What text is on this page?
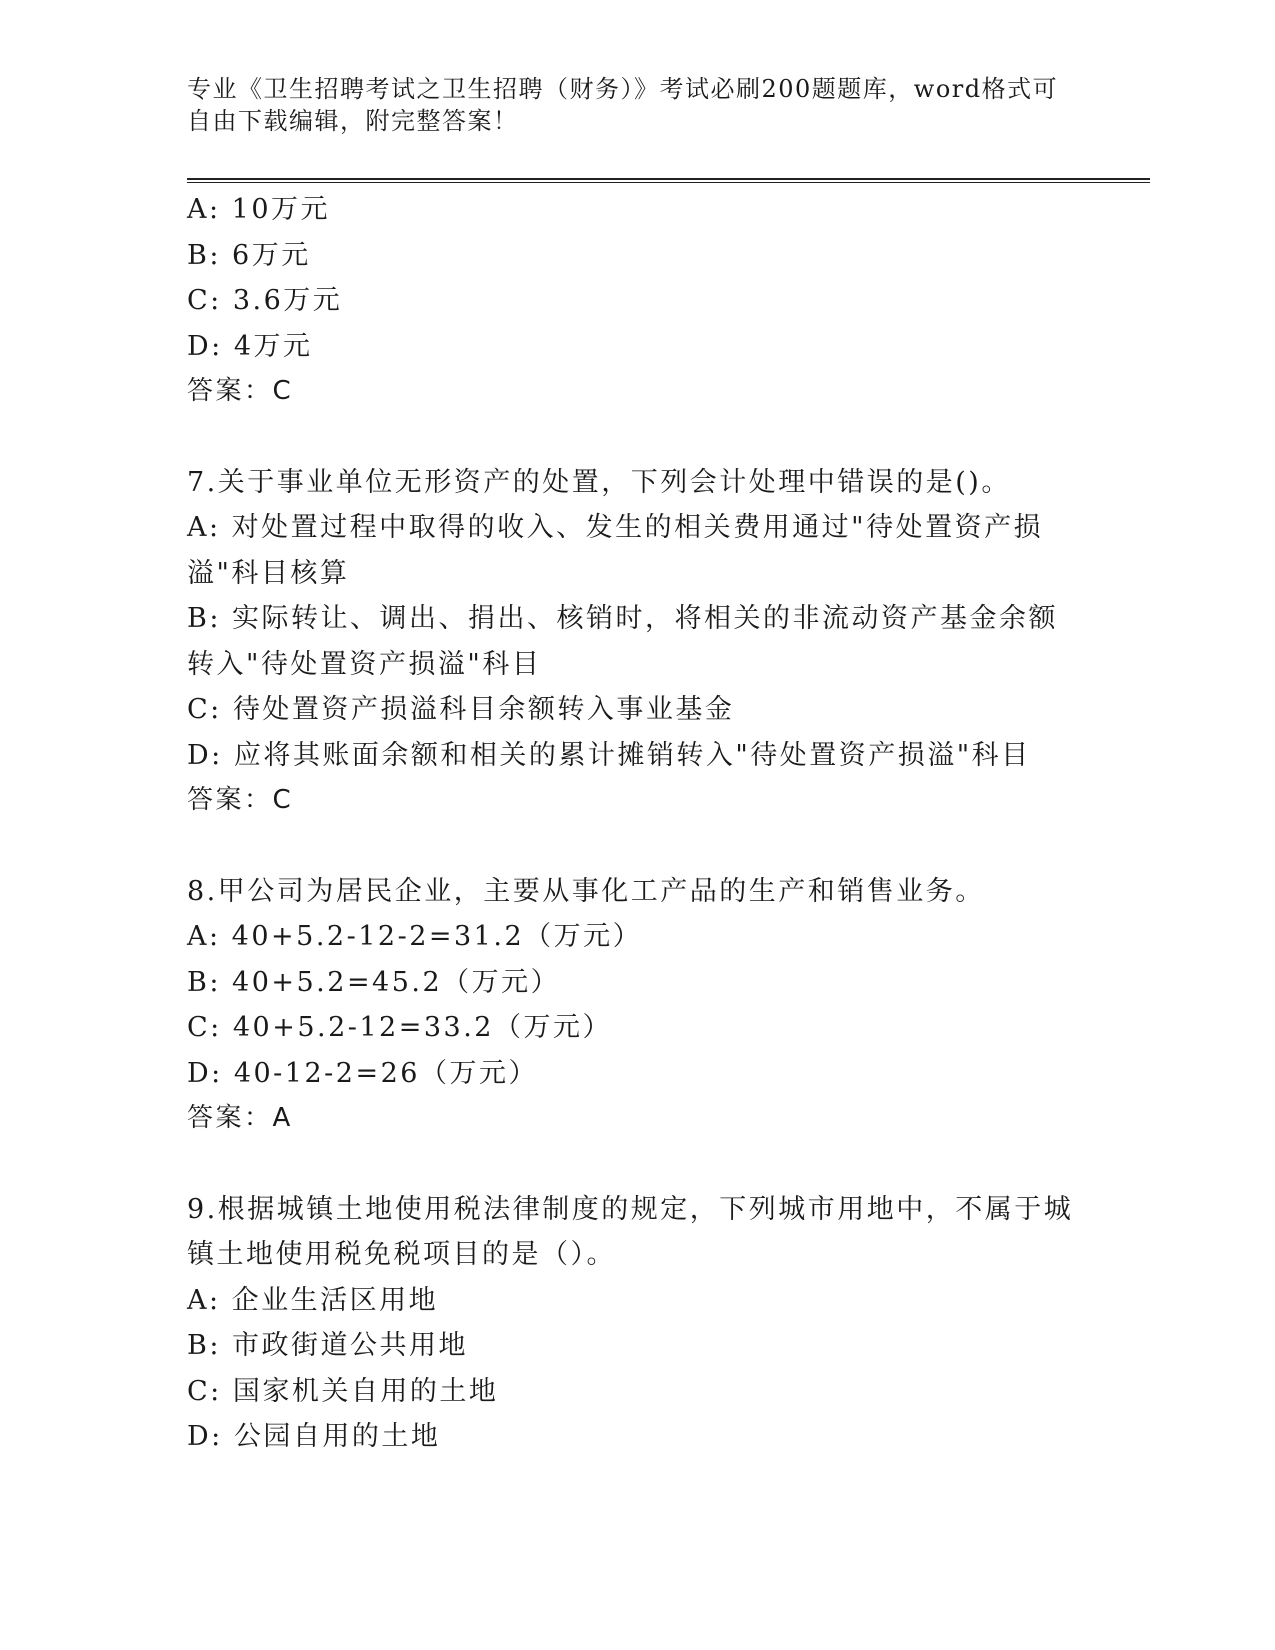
专业《卫生招聘考试之卫生招聘（财务）》考试必刷200题题库，word格式可自由下载编辑，附完整答案！
A: 10万元
B: 6万元
C: 3.6万元
D: 4万元
答案：C
7.关于事业单位无形资产的处置，下列会计处理中错误的是()。
A: 对处置过程中取得的收入、发生的相关费用通过"待处置资产损溢"科目核算
B: 实际转让、调出、捐出、核销时，将相关的非流动资产基金余额转入"待处置资产损溢"科目
C: 待处置资产损溢科目余额转入事业基金
D: 应将其账面余额和相关的累计摊销转入"待处置资产损溢"科目
答案：C
8.甲公司为居民企业，主要从事化工产品的生产和销售业务。
A: 40+5.2-12-2=31.2（万元）
B: 40+5.2=45.2（万元）
C: 40+5.2-12=33.2（万元）
D: 40-12-2=26（万元）
答案：A
9.根据城镇土地使用税法律制度的规定，下列城市用地中，不属于城镇土地使用税免税项目的是（）。
A: 企业生活区用地
B: 市政街道公共用地
C: 国家机关自用的土地
D: 公园自用的土地
